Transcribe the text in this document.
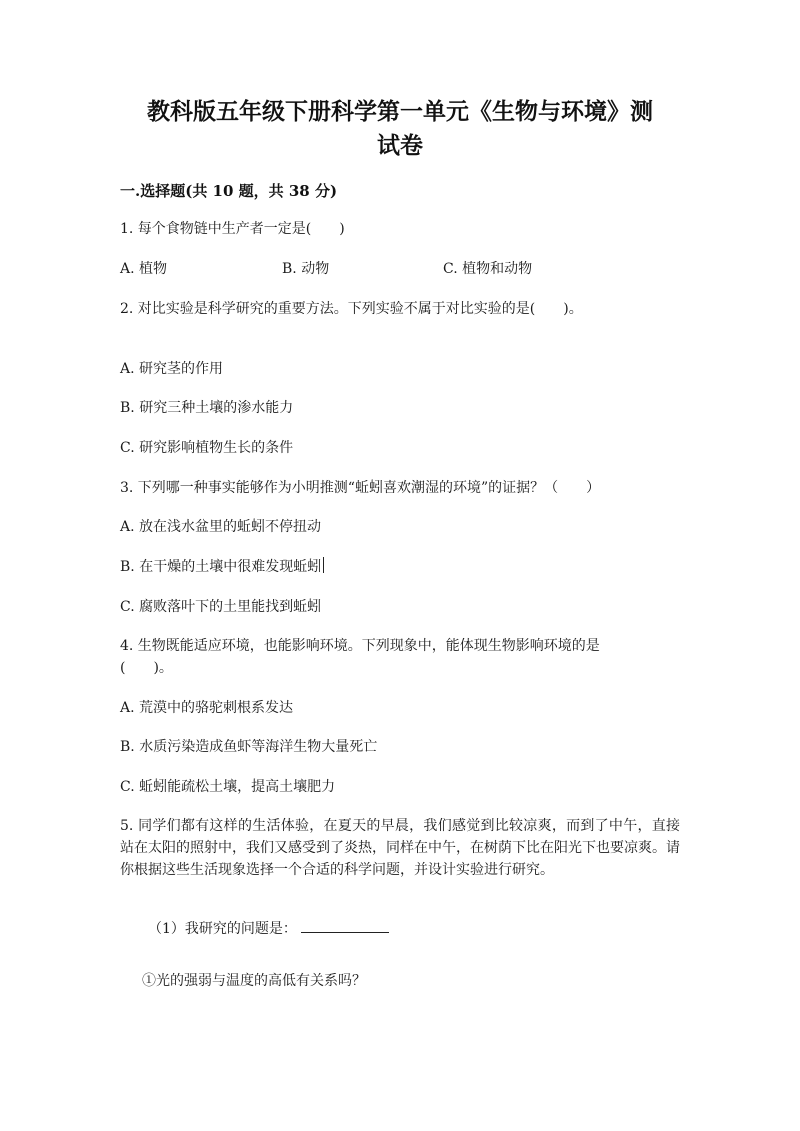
教科版五年级下册科学第一单元《生物与环境》测
试卷
一.选择题(共 10 题，共 38 分)
1. 每个食物链中生产者一定是(　　)
A. 植物	B. 动物	C. 植物和动物
2. 对比实验是科学研究的重要方法。下列实验不属于对比实验的是(　　)。
A. 研究茎的作用
B. 研究三种土壤的渗水能力
C. 研究影响植物生长的条件
3. 下列哪一种事实能够作为小明推测“蚯蚓喜欢潮湿的环境”的证据？（　　）
A. 放在浅水盆里的蚯蚓不停扭动
B. 在干燥的土壤中很难发现蚯蚓
C. 腐败落叶下的土里能找到蚯蚓
4. 生物既能适应环境，也能影响环境。下列现象中，能体现生物影响环境的是
(　　)。
A. 荒漠中的骆驼刺根系发达
B. 水质污染造成鱼虾等海洋生物大量死亡
C. 蚯蚓能疏松土壤，提高土壤肥力
5. 同学们都有这样的生活体验，在夏天的早晨，我们感觉到比较凉爽，而到了中午，直接站在太阳的照射中，我们又感受到了炎热，同样在中午，在树荫下比在阳光下也要凉爽。请你根据这些生活现象选择一个合适的科学问题，并设计实验进行研究。
（1）我研究的问题是：
①光的强弱与温度的高低有关系吗？
